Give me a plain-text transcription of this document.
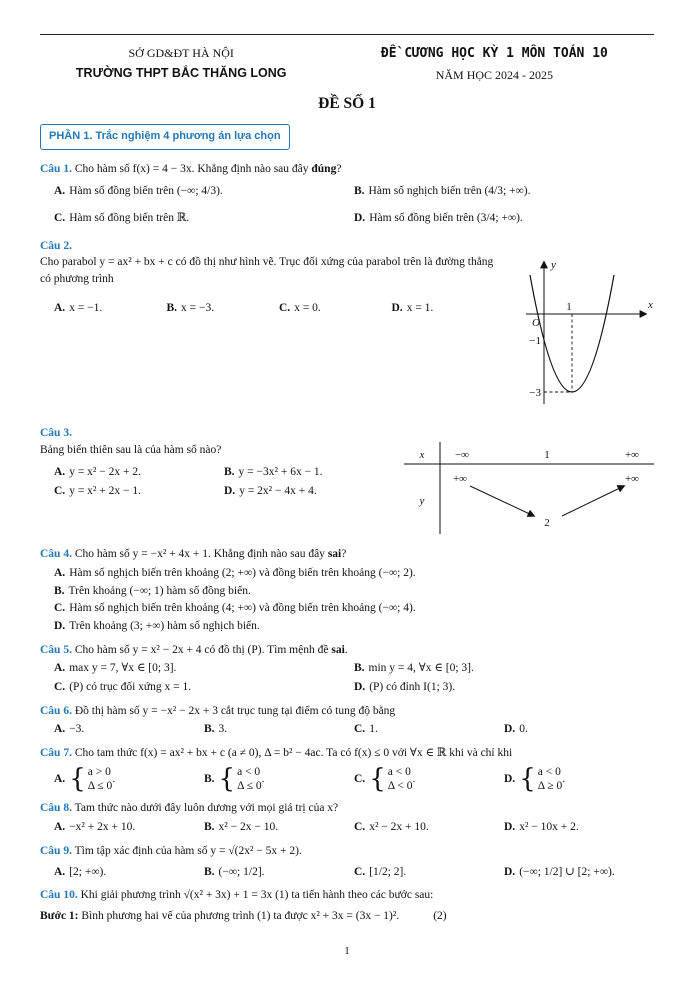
SỞ GD&ĐT HÀ NỘI
TRƯỜNG THPT BẮC THĂNG LONG
ĐỀ CƯƠNG HỌC KỲ 1 MÔN TOÁN 10
NĂM HỌC 2024 - 2025
ĐỀ SỐ 1
PHẦN 1. Trắc nghiệm 4 phương án lựa chọn

Câu 1. Cho hàm số f(x) = 4 − 3x. Khẳng định nào sau đây đúng?

A. Hàm số đồng biến trên (−∞; 4/3).	B. Hàm số nghịch biến trên (4/3; +∞).
C. Hàm số đồng biến trên ℝ.	D. Hàm số đồng biến trên (3/4; +∞).

Câu 2.

Cho parabol y = ax² + bx + c có đồ thị như hình vẽ. Trục đối xứng của parabol trên là đường thẳng có phương trình

A. x = −1.	B. x = −3.	C. x = 0.	D. x = 1.
y
x
O
1
−1
−3

Câu 3.

Bảng biến thiên sau là của hàm số nào?

A. y = x² − 2x + 2.	B. y = −3x² + 6x − 1.
C. y = x² + 2x − 1.	D. y = 2x² − 4x + 4.
x	−∞	1	+∞
y
+∞	+∞
2

Câu 4. Cho hàm số y = −x² + 4x + 1. Khẳng định nào sau đây sai?

A. Hàm số nghịch biến trên khoảng (2; +∞) và đồng biến trên khoảng (−∞; 2).
B. Trên khoảng (−∞; 1) hàm số đồng biến.
C. Hàm số nghịch biến trên khoảng (4; +∞) và đồng biến trên khoảng (−∞; 4).
D. Trên khoảng (3; +∞) hàm số nghịch biến.

Câu 5. Cho hàm số y = x² − 2x + 4 có đồ thị (P). Tìm mệnh đề sai.

A. max y = 7, ∀x ∈ [0; 3].	B. min y = 4, ∀x ∈ [0; 3].
C. (P) có trục đối xứng x = 1.	D. (P) có đỉnh I(1; 3).

Câu 6. Đồ thị hàm số y = −x² − 2x + 3 cắt trục tung tại điểm có tung độ bằng

A. −3.	B. 3.	C. 1.	D. 0.

Câu 7. Cho tam thức f(x) = ax² + bx + c (a ≠ 0), Δ = b² − 4ac. Ta có f(x) ≤ 0 với ∀x ∈ ℝ khi và chỉ khi

A. { a > 0
Δ ≤ 0
.	B. { a < 0
Δ ≤ 0
.	C. { a < 0
Δ < 0
.	D. { a < 0
Δ ≥ 0
.

Câu 8. Tam thức nào dưới đây luôn dương với mọi giá trị của x?

A. −x² + 2x + 10.	B. x² − 2x − 10.	C. x² − 2x + 10.	D. x² − 10x + 2.

Câu 9. Tìm tập xác định của hàm số y = √(2x² − 5x + 2).

A. [2; +∞).	B. (−∞; 1/2].	C. [1/2; 2].	D. (−∞; 1/2] ∪ [2; +∞).

Câu 10. Khi giải phương trình √(x² + 3x) + 1 = 3x (1) ta tiến hành theo các bước sau:

Bước 1: Bình phương hai vế của phương trình (1) ta được x² + 3x = (3x − 1)².	(2)

1
